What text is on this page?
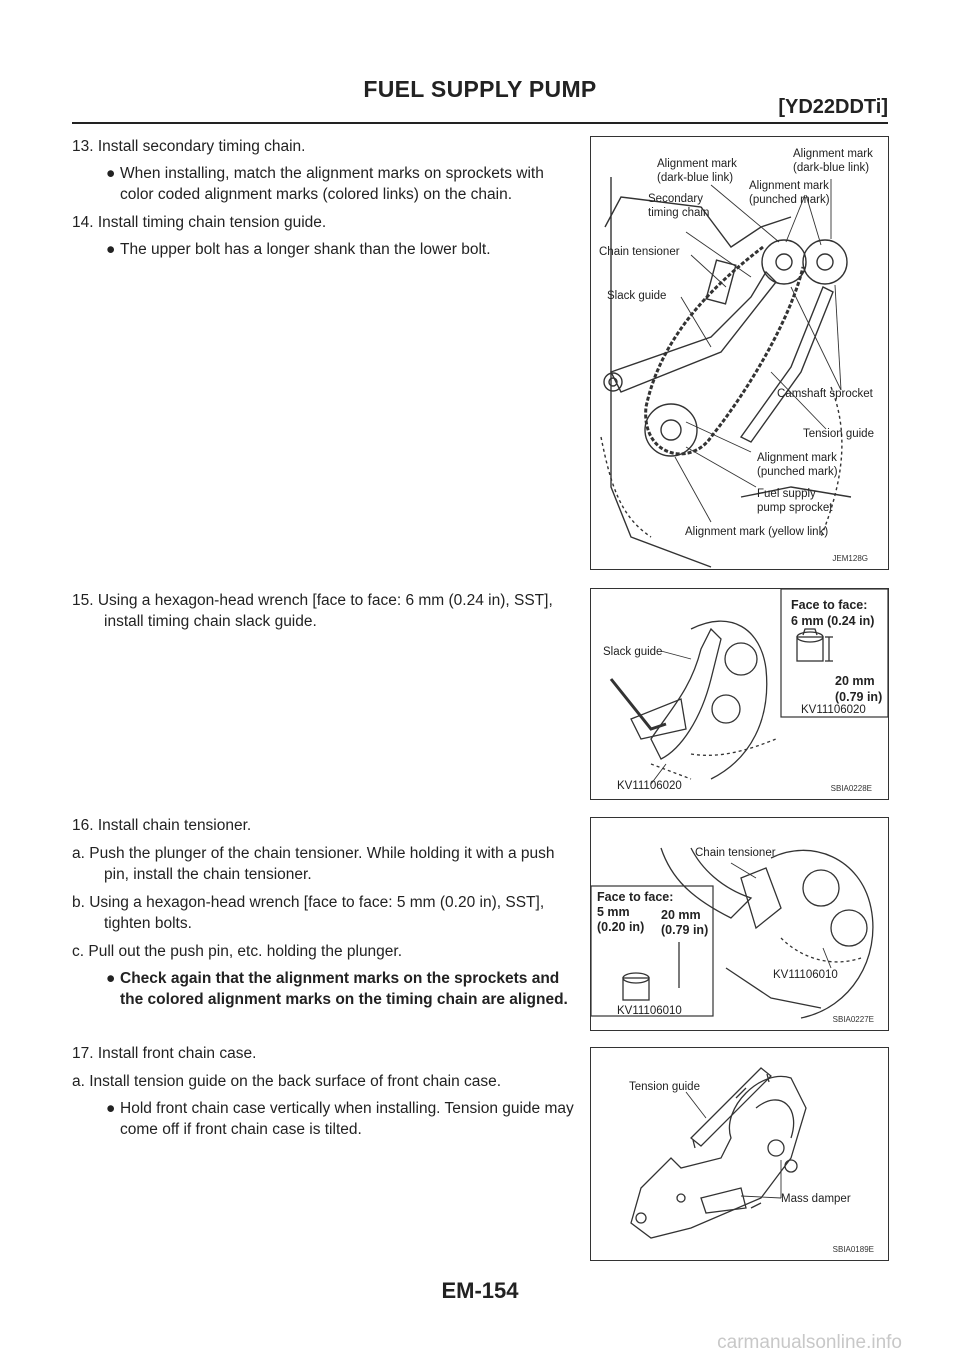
FUEL SUPPLY PUMP
[YD22DDTi]

13. Install secondary timing chain.

● When installing, match the alignment marks on sprockets with color coded alignment marks (colored links) on the chain.

14. Install timing chain tension guide.

● The upper bolt has a longer shank than the lower bolt.

15. Using a hexagon-head wrench [face to face: 6 mm (0.24 in), SST], install timing chain slack guide.

16. Install chain tensioner.

a. Push the plunger of the chain tensioner. While holding it with a push pin, install the chain tensioner.

b. Using a hexagon-head wrench [face to face: 5 mm (0.20 in), SST], tighten bolts.

c. Pull out the push pin, etc. holding the plunger.

● Check again that the alignment marks on the sprockets and the colored alignment marks on the timing chain are aligned.

17. Install front chain case.

a. Install tension guide on the back surface of front chain case.

● Hold front chain case vertically when installing. Tension guide may come off if front chain case is tilted.

Alignment mark
(dark-blue link)
Alignment mark
(dark-blue link)
Alignment mark
(punched mark)
Secondary
timing chain
Chain tensioner
Slack guide
Camshaft sprocket
Tension guide
Alignment mark
(punched mark)
Fuel supply
pump sprocket
Alignment mark (yellow link)
JEM128G
Slack guide
Face to face:
6 mm (0.24 in)
20 mm
(0.79 in)
KV11106020
KV11106020	SBIA0228E
Chain tensioner
Face to face:
5 mm
(0.20 in)
20 mm
(0.79 in)
KV11106010
KV11106010
SBIA0227E
Tension guide
Mass damper
SBIA0189E
EM-154
carmanualsonline.info
